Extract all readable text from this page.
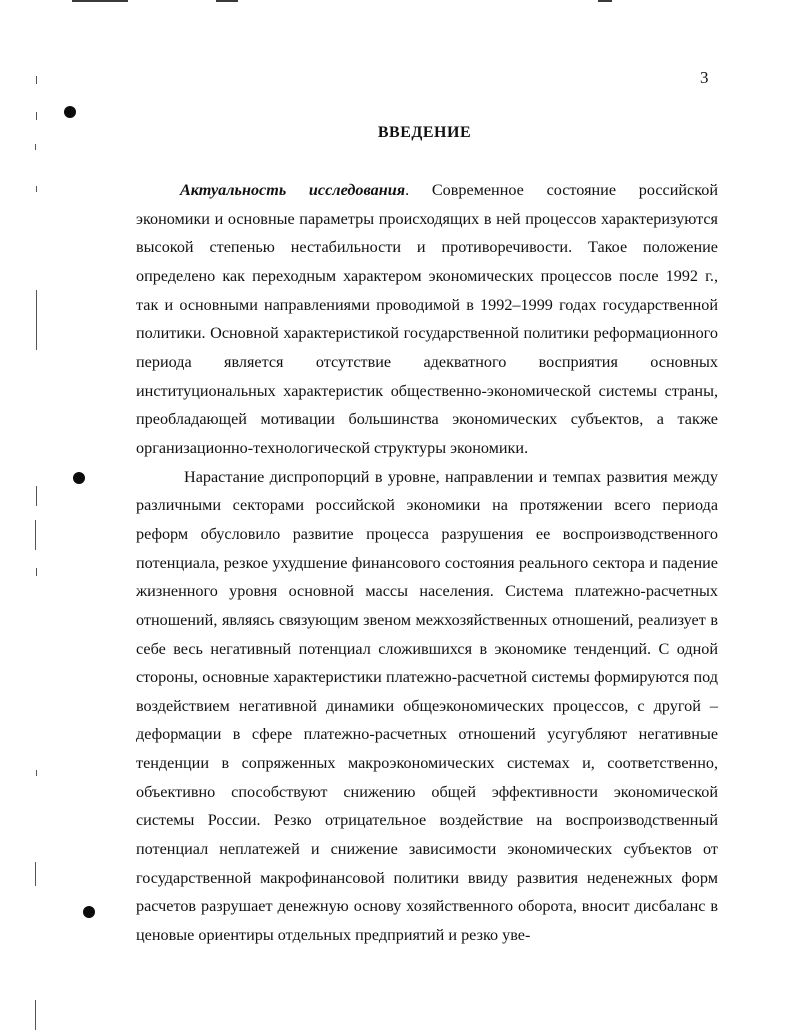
3
ВВЕДЕНИЕ

Актуальность исследования. Современное состояние российской экономики и основные параметры происходящих в ней процессов характеризуются высокой степенью нестабильности и противоречивости. Такое положение определено как переходным характером экономических процессов после 1992 г., так и основными направлениями проводимой в 1992–1999 годах государственной политики. Основной характеристикой государственной политики реформационного периода является отсутствие адекватного восприятия основных институциональных характеристик общественно-экономической системы страны, преобладающей мотивации большинства экономических субъектов, а также организационно-технологической структуры экономики.

Нарастание диспропорций в уровне, направлении и темпах развития между различными секторами российской экономики на протяжении всего периода реформ обусловило развитие процесса разрушения ее воспроизводственного потенциала, резкое ухудшение финансового состояния реального сектора и падение жизненного уровня основной массы населения. Система платежно-расчетных отношений, являясь связующим звеном межхозяйственных отношений, реализует в себе весь негативный потенциал сложившихся в экономике тенденций. С одной стороны, основные характеристики платежно-расчетной системы формируются под воздействием негативной динамики общеэкономических процессов, с другой – деформации в сфере платежно-расчетных отношений усугубляют негативные тенденции в сопряженных макроэкономических системах и, соответственно, объективно способствуют снижению общей эффективности экономической системы России. Резко отрицательное воздействие на воспроизводственный потенциал неплатежей и снижение зависимости экономических субъектов от государственной макрофинансовой политики ввиду развития неденежных форм расчетов разрушает денежную основу хозяйственного оборота, вносит дисбаланс в ценовые ориентиры отдельных предприятий и резко уве-
